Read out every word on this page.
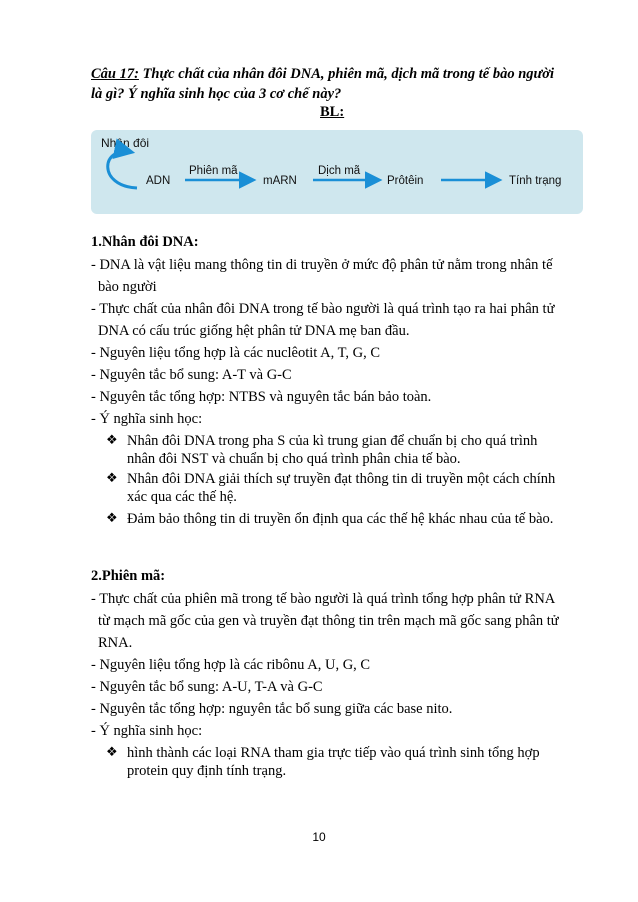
Câu 17: Thực chất của nhân đôi DNA, phiên mã, dịch mã trong tế bào người
là gì? Ý nghĩa sinh học của 3 cơ chế này?
BL:
Nhân đôi
ADN
Phiên mã
mARN
Dịch mã
Prôtêin	Tính trạng
1.Nhân đôi DNA:
- DNA là vật liệu mang thông tin di truyền ở mức độ phân tử nằm trong nhân tế
bào người
- Thực chất của nhân đôi DNA trong tế bào người là quá trình tạo ra hai phân tử
DNA có cấu trúc giống hệt phân tử DNA mẹ ban đầu.
- Nguyên liệu tổng hợp là các nuclêotit A, T, G, C
- Nguyên tắc bổ sung: A-T và G-C
- Nguyên tắc tổng hợp: NTBS và nguyên tắc bán bảo toàn.
- Ý nghĩa sinh học:
❖ Nhân đôi DNA trong pha S của kì trung gian để chuẩn bị cho quá trình
nhân đôi NST và chuẩn bị cho quá trình phân chia tế bào.
❖ Nhân đôi DNA giải thích sự truyền đạt thông tin di truyền một cách chính
xác qua các thế hệ.
❖ Đảm bảo thông tin di truyền ổn định qua các thế hệ khác nhau của tế bào.
2.Phiên mã:
- Thực chất của phiên mã trong tế bào người là quá trình tổng hợp phân tử RNA
từ mạch mã gốc của gen và truyền đạt thông tin trên mạch mã gốc sang phân tử
RNA.
- Nguyên liệu tổng hợp là các ribônu A, U, G, C
- Nguyên tắc bổ sung: A-U, T-A và G-C
- Nguyên tắc tổng hợp: nguyên tắc bổ sung giữa các base nito.
- Ý nghĩa sinh học:
❖ hình thành các loại RNA tham gia trực tiếp vào quá trình sinh tổng hợp
protein quy định tính trạng.
10
